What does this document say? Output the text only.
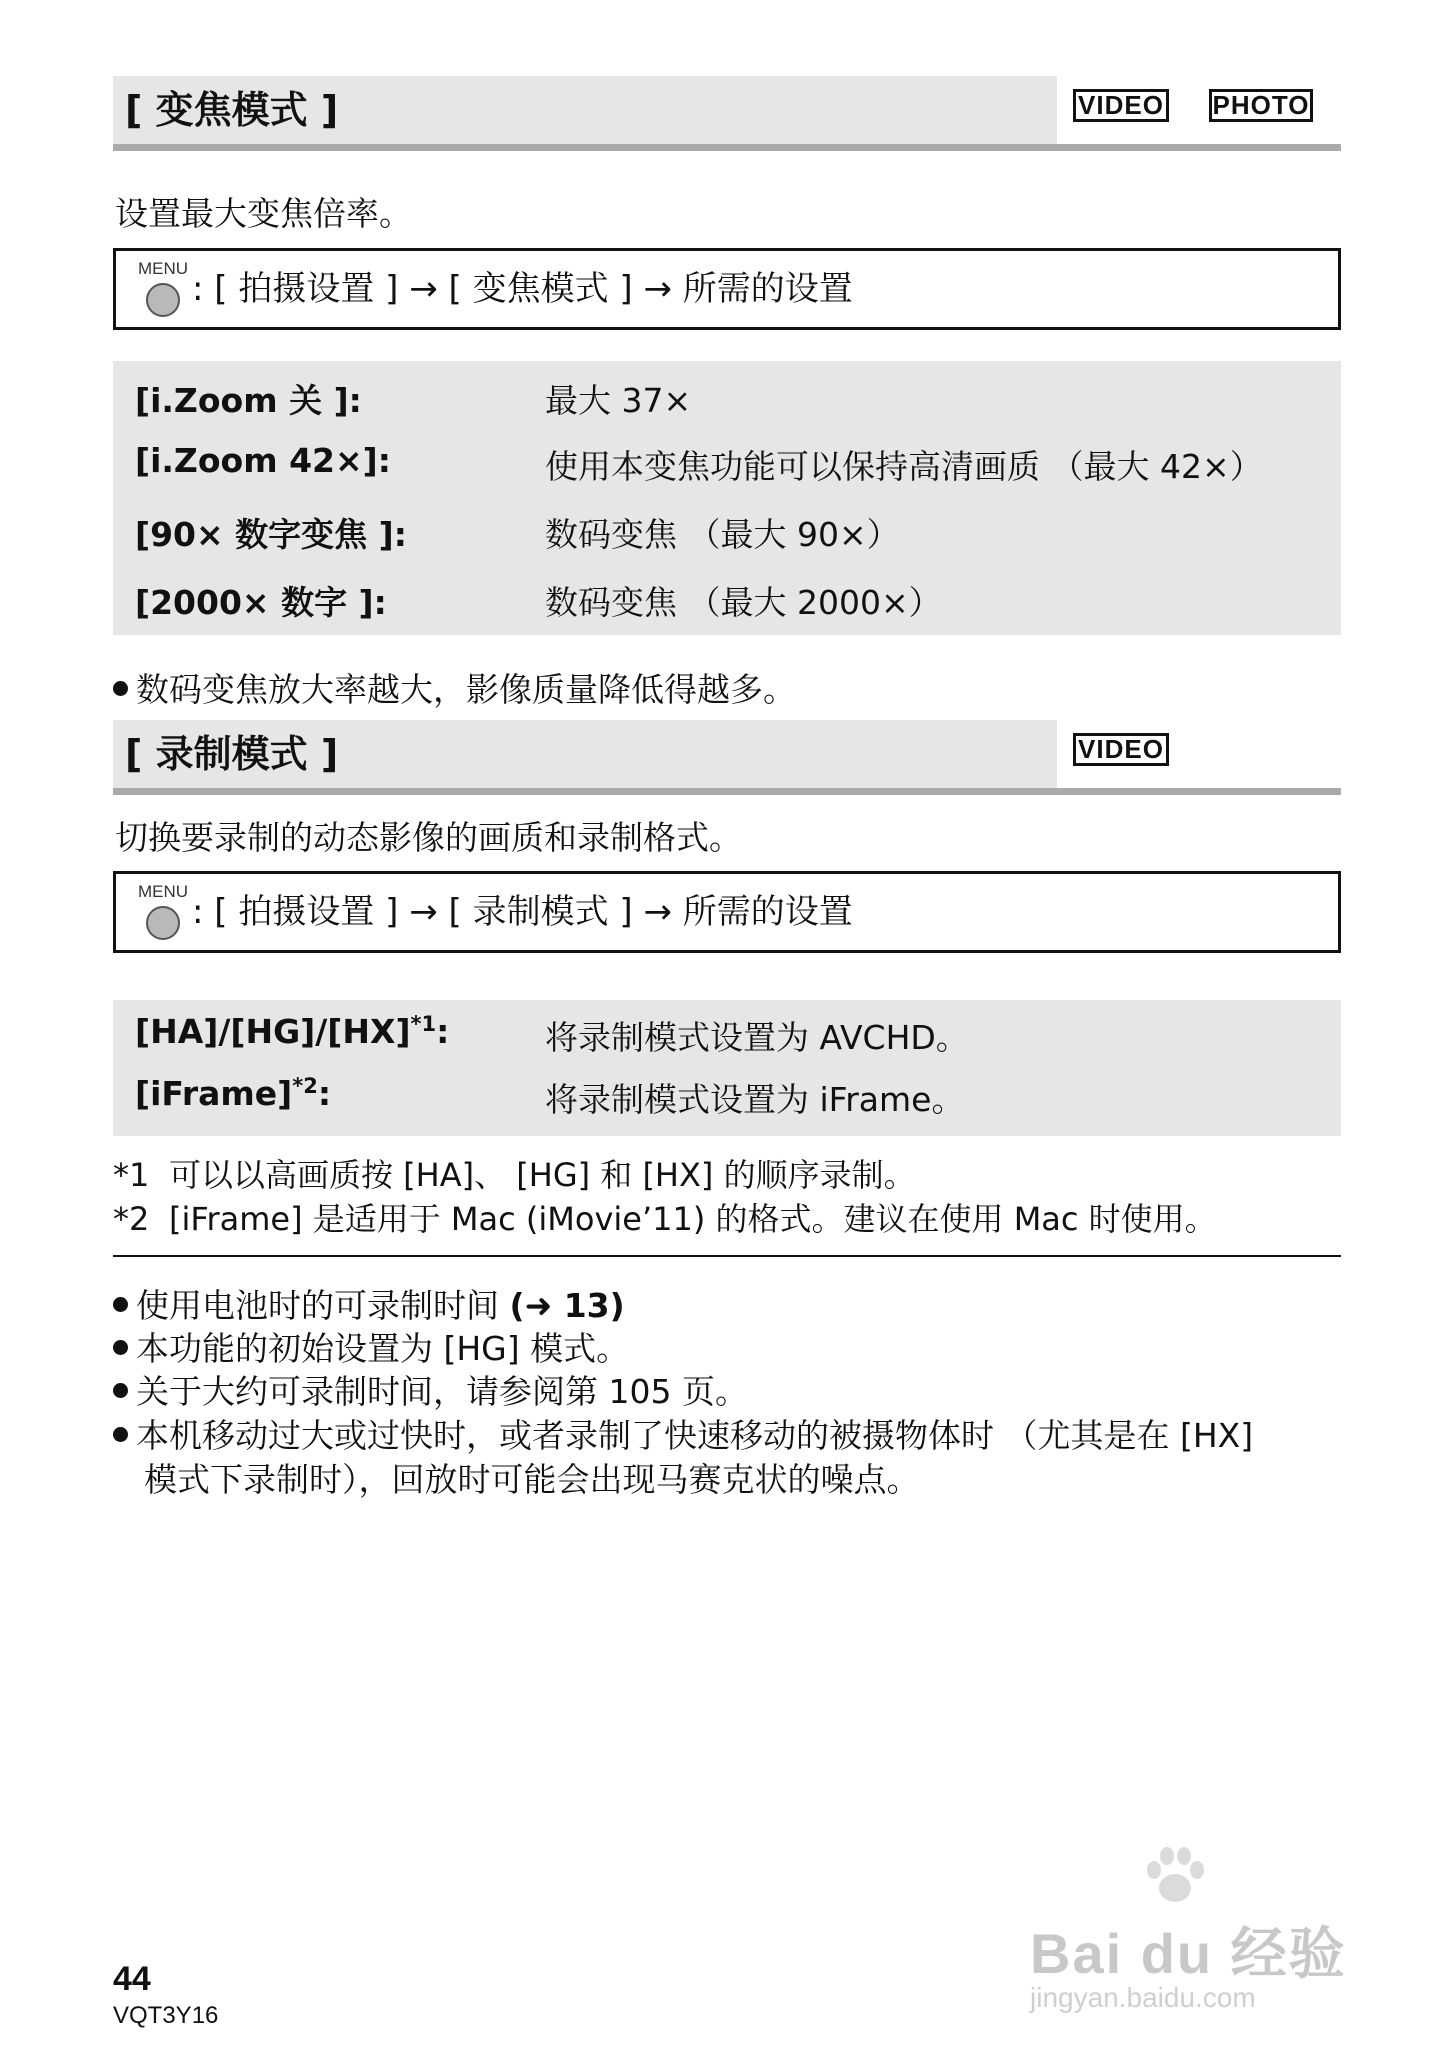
[ 变焦模式 ]	VIDEO PHOTO
设置最大变焦倍率。
MENU
: [ 拍摄设置 ] → [ 变焦模式 ] → 所需的设置
[i.Zoom 关 ]:	最大 37×
[i.Zoom 42×]:	使用本变焦功能可以保持高清画质 （最大 42×）
[90× 数字变焦 ]:	数码变焦 （最大 90×）
[2000× 数字 ]:	数码变焦 （最大 2000×）
数码变焦放大率越大，影像质量降低得越多。
[ 录制模式 ]	VIDEO
切换要录制的动态影像的画质和录制格式。
MENU
: [ 拍摄设置 ] → [ 录制模式 ] → 所需的设置
[HA]/[HG]/[HX]$^{*1}$:	将录制模式设置为 AVCHD。
[iFrame]$^{*2}$:	将录制模式设置为 iFrame。
*1 可以以高画质按 [HA]、 [HG] 和 [HX] 的顺序录制。
*2 [iFrame] 是适用于 Mac (iMovie’11) 的格式。建议在使用 Mac 时使用。
使用电池时的可录制时间 (➜ 13)
本功能的初始设置为 [HG] 模式。
关于大约可录制时间，请参阅第 105 页。
本机移动过大或过快时，或者录制了快速移动的被摄物体时 （尤其是在 [HX]
模式下录制时），回放时可能会出现马赛克状的噪点。
44
VQT3Y16
Bai du 经验
jingyan.baidu.com
